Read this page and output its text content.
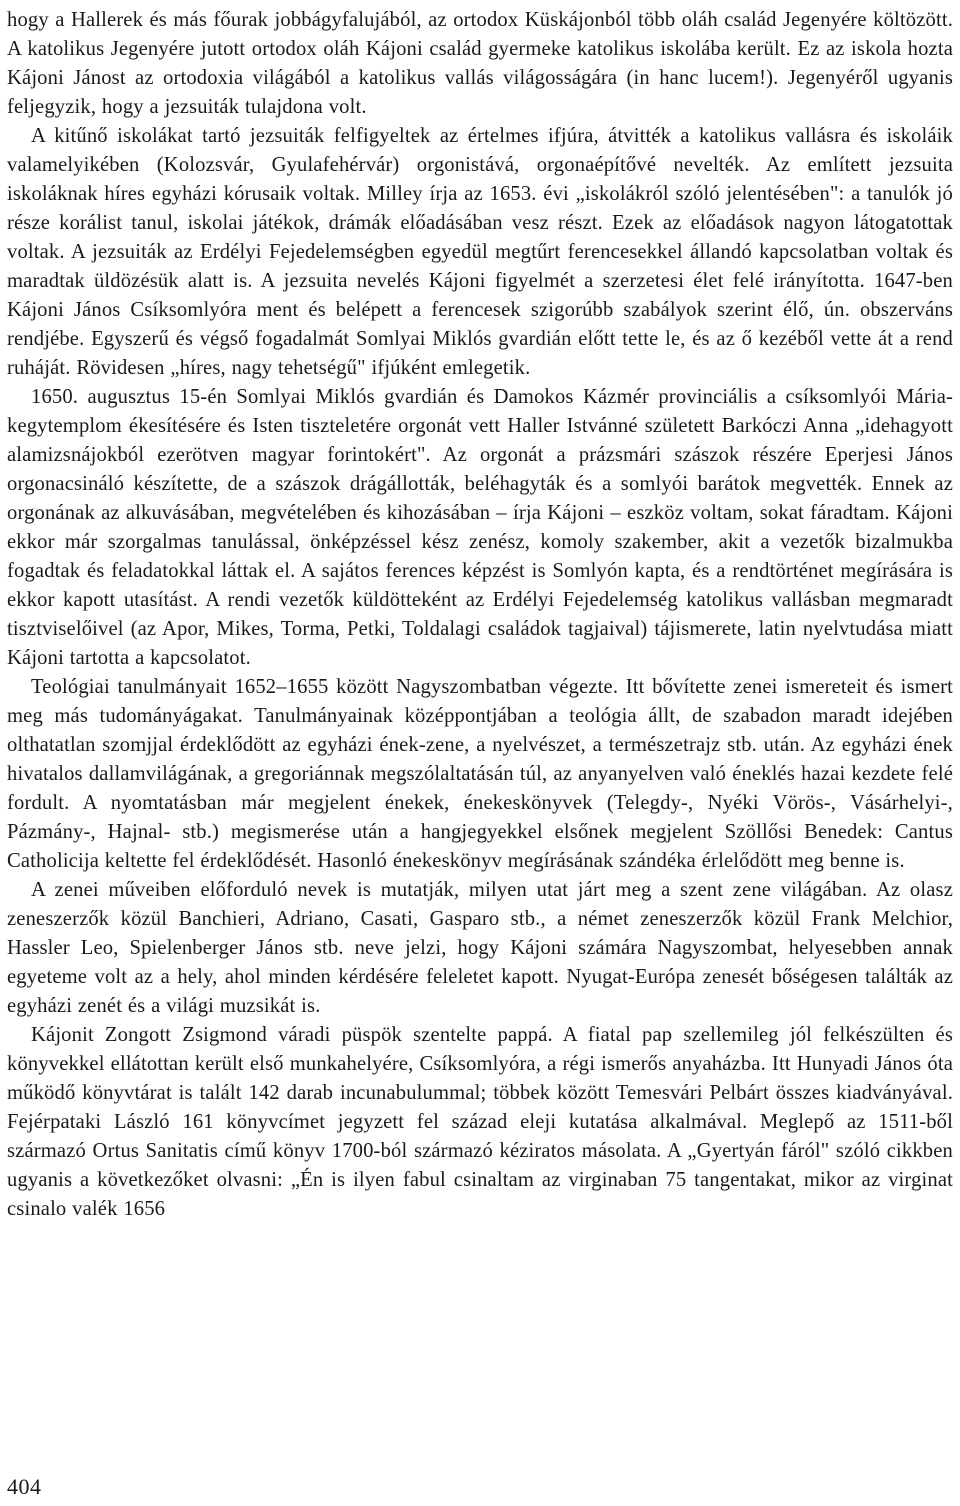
hogy a Hallerek és más főurak jobbágyfalujából, az ortodox Küskájonból több oláh család Jegenyére költözött. A katolikus Jegenyére jutott ortodox oláh Kájoni család gyermeke katolikus iskolába került. Ez az iskola hozta Kájoni Jánost az ortodoxia világából a katolikus vallás világosságára (in hanc lucem!). Jegenyéről ugyanis feljegyzik, hogy a jezsuiták tulajdona volt.

A kitűnő iskolákat tartó jezsuiták felfigyeltek az értelmes ifjúra, átvitték a katolikus vallásra és iskoláik valamelyikében (Kolozsvár, Gyulafehérvár) orgonistává, orgonaépítővé nevelték. Az említett jezsuita iskoláknak híres egyházi kórusaik voltak. Milley írja az 1653. évi „iskolákról szóló jelentésében": a tanulók jó része korálist tanul, iskolai játékok, drámák előadásában vesz részt. Ezek az előadások nagyon látogatottak voltak. A jezsuiták az Erdélyi Fejedelemségben egyedül megtűrt ferencesekkel állandó kapcsolatban voltak és maradtak üldözésük alatt is. A jezsuita nevelés Kájoni figyelmét a szerzetesi élet felé irányította. 1647-ben Kájoni János Csíksomlyóra ment és belépett a ferencesek szigorúbb szabályok szerint élő, ún. obszerváns rendjébe. Egyszerű és végső fogadalmát Somlyai Miklós gvardián előtt tette le, és az ő kezéből vette át a rend ruháját. Rövidesen „híres, nagy tehetségű" ifjúként emlegetik.

1650. augusztus 15-én Somlyai Miklós gvardián és Damokos Kázmér provinciális a csíksomlyói Mária-kegytemplom ékesítésére és Isten tiszteletére orgonát vett Haller Istvánné született Barkóczi Anna „idehagyott alamizsnájokból ezerötven magyar forintokért". Az orgonát a prázsmári szászok részére Eperjesi János orgonacsináló készítette, de a szászok drágállották, beléhagyták és a somlyói barátok megvették. Ennek az orgonának az alkuvásában, megvételében és kihozásában – írja Kájoni – eszköz voltam, sokat fáradtam. Kájoni ekkor már szorgalmas tanulással, önképzéssel kész zenész, komoly szakember, akit a vezetők bizalmukba fogadtak és feladatokkal láttak el. A sajátos ferences képzést is Somlyón kapta, és a rendtörténet megírására is ekkor kapott utasítást. A rendi vezetők küldötteként az Erdélyi Fejedelemség katolikus vallásban megmaradt tisztviselőivel (az Apor, Mikes, Torma, Petki, Toldalagi családok tagjaival) tájismerete, latin nyelvtudása miatt Kájoni tartotta a kapcsolatot.

Teológiai tanulmányait 1652–1655 között Nagyszombatban végezte. Itt bővítette zenei ismereteit és ismert meg más tudományágakat. Tanulmányainak középpontjában a teológia állt, de szabadon maradt idejében olthatatlan szomjjal érdeklődött az egyházi ének-zene, a nyelvészet, a természetrajz stb. után. Az egyházi ének hivatalos dallamvilágának, a gregoriánnak megszólaltatásán túl, az anyanyelven való éneklés hazai kezdete felé fordult. A nyomtatásban már megjelent énekek, énekeskönyvek (Telegdy-, Nyéki Vörös-, Vásárhelyi-, Pázmány-, Hajnal- stb.) megismerése után a hangjegyekkel elsőnek megjelent Szöllősi Benedek: Cantus Catholicija keltette fel érdeklődését. Hasonló énekeskönyv megírásának szándéka érlelődött meg benne is.

A zenei műveiben előforduló nevek is mutatják, milyen utat járt meg a szent zene világában. Az olasz zeneszerzők közül Banchieri, Adriano, Casati, Gasparo stb., a német zeneszerzők közül Frank Melchior, Hassler Leo, Spielenberger János stb. neve jelzi, hogy Kájoni számára Nagyszombat, helyesebben annak egyeteme volt az a hely, ahol minden kérdésére feleletet kapott. Nyugat-Európa zenesét bőségesen találták az egyházi zenét és a világi muzsikát is.

Kájonit Zongott Zsigmond váradi püspök szentelte pappá. A fiatal pap szellemileg jól felkészülten és könyvekkel ellátottan került első munkahelyére, Csíksomlyóra, a régi ismerős anyaházba. Itt Hunyadi János óta működő könyvtárat is talált 142 darab incunabulummal; többek között Temesvári Pelbárt összes kiadványával. Fejérpataki László 161 könyvcímet jegyzett fel század eleji kutatása alkalmával. Meglepő az 1511-ből származó Ortus Sanitatis című könyv 1700-ból származó kéziratos másolata. A „Gyertyán fáról" szóló cikkben ugyanis a következőket olvasni: „Én is ilyen fabul csinaltam az virginaban 75 tangentakat, mikor az virginat csinalo valék 1656

404
